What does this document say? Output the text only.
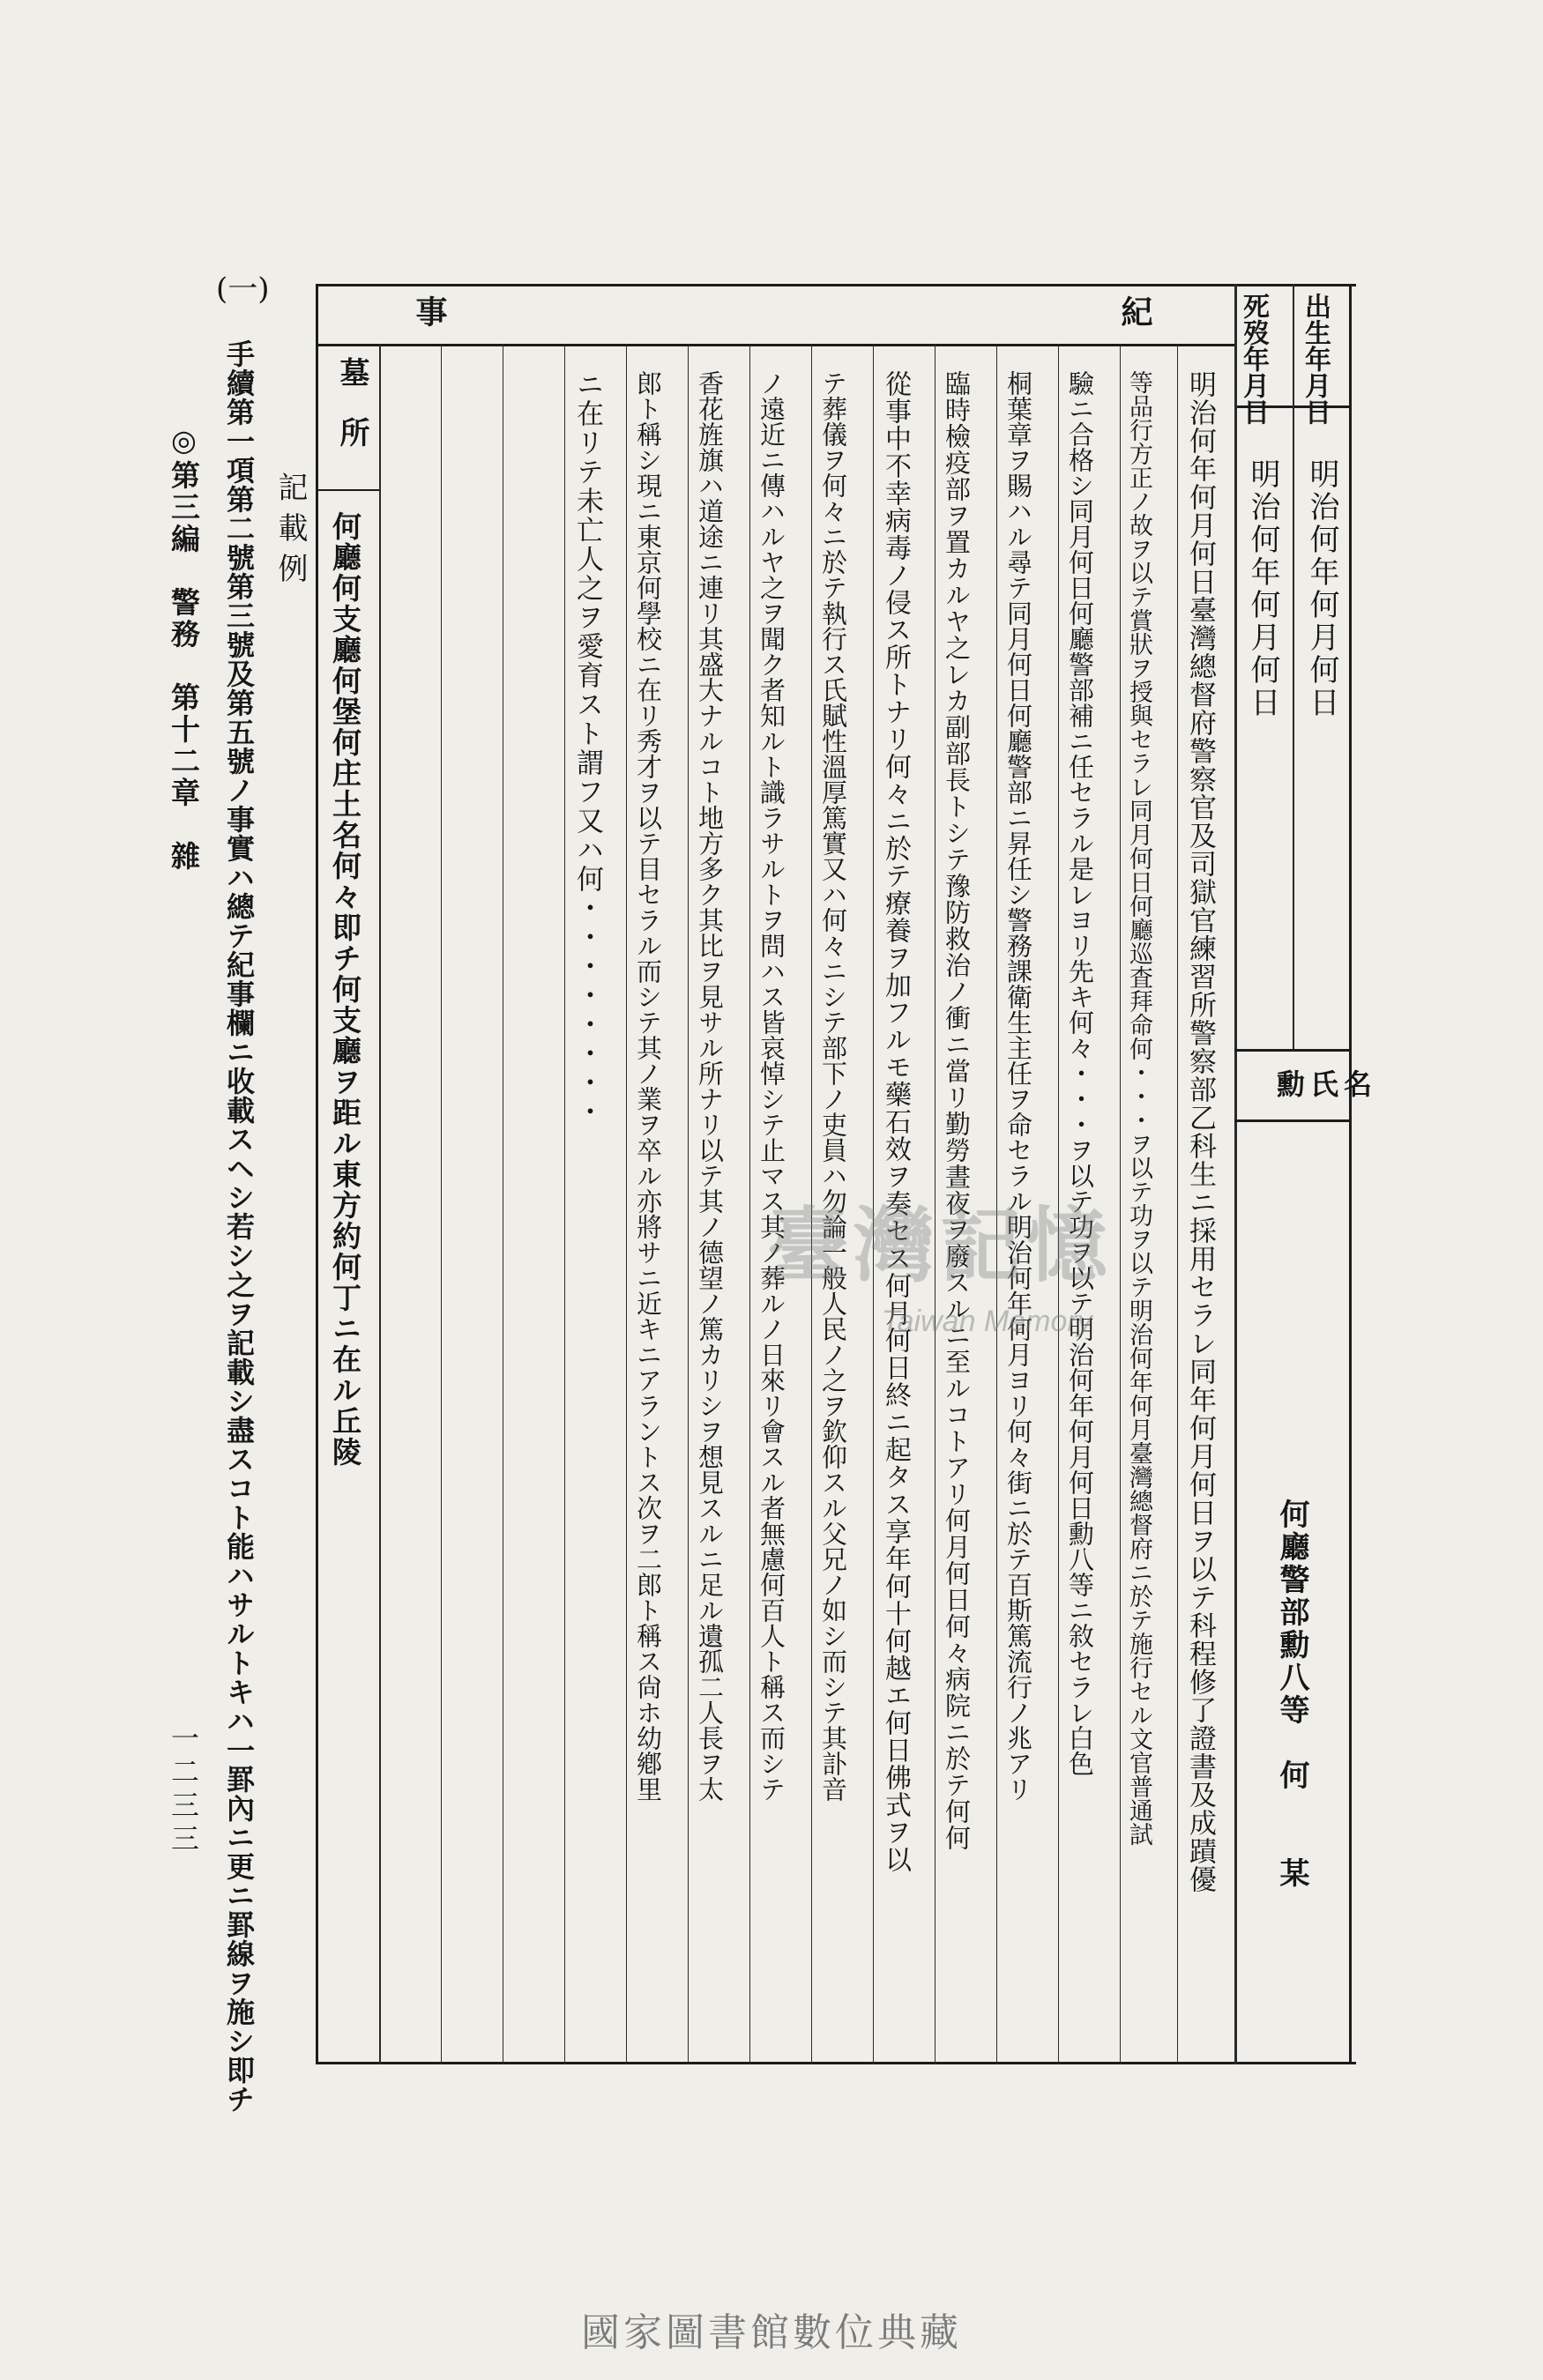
紀
事	出生年月日
死歿年月日
明治何年何月何日
明治何年何月何日
勳氏名
何廳警部勳八等　何　　某
明治何年何月何日臺灣總督府警察官及司獄官練習所警察部乙科生ニ採用セラレ同年何月何日ヲ以テ科程修了證書及成蹟優
等品行方正ノ故ヲ以テ賞狀ヲ授與セラレ同月何日何廳巡査拜命何・・・ヲ以テ功ヲ以テ明治何年何月臺灣總督府ニ於テ施行セル文官普通試
驗ニ合格シ同月何日何廳警部補ニ任セラル是レヨリ先キ何々・・・ヲ以テ功ヲ以テ明治何年何月何日勳八等ニ敘セラレ白色
桐葉章ヲ賜ハル尋テ同月何日何廳警部ニ昇任シ警務課衛生主任ヲ命セラル明治何年何月ヨリ何々街ニ於テ百斯篤流行ノ兆アリ
臨時檢疫部ヲ置カルヤ之レカ副部長トシテ豫防救治ノ衝ニ當リ勤勞晝夜ヲ廢スルニ至ルコトアリ何月何日何々病院ニ於テ何何
從事中不幸病毒ノ侵ス所トナリ何々ニ於テ療養ヲ加フルモ藥石效ヲ奏セス何月何日終ニ起タス享年何十何越エ何日佛式ヲ以
テ葬儀ヲ何々ニ於テ執行ス氏賦性溫厚篤實又ハ何々ニシテ部下ノ吏員ハ勿論一般人民ノ之ヲ欽仰スル父兄ノ如シ而シテ其訃音
ノ遠近ニ傳ハルヤ之ヲ聞ク者知ルト識ラサルトヲ問ハス皆哀悼シテ止マス其ノ葬ルノ日來リ會スル者無慮何百人ト稱ス而シテ
香花旌旗ハ道途ニ連リ其盛大ナルコト地方多ク其比ヲ見サル所ナリ以テ其ノ德望ノ篤カリシヲ想見スルニ足ル遺孤二人長ヲ太
郎ト稱シ現ニ東京何學校ニ在リ秀才ヲ以テ目セラル而シテ其ノ業ヲ卒ル亦將サニ近キニアラントス次ヲ二郎ト稱ス尙ホ幼鄕里
ニ在リテ未亡人之ヲ愛育スト謂フ又ハ何・・・・・・・・
墓　所
何廳何支廳何堡何庄土名何々即チ何支廳ヲ距ル東方約何丁ニ在ル丘陵
(一)
記載例
手續第一項第二號第三號及第五號ノ事實ハ總テ紀事欄ニ收載スヘシ若シ之ヲ記載シ盡スコト能ハサルトキハ一罫內ニ更ニ罫線ヲ施シ即チ
◎第三編　警務　第十二章　雜
一二三三
臺灣記憶
Taiwan Memory
國家圖書館數位典藏
